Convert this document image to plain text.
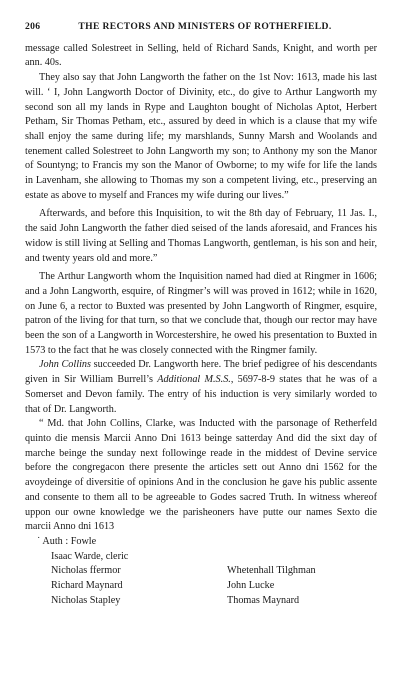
206	THE RECTORS AND MINISTERS OF ROTHERFIELD.

message called Solestreet in Selling, held of Richard Sands, Knight, and worth per ann. 40s.

They also say that John Langworth the father on the 1st Nov: 1613, made his last will. ‘ I, John Langworth Doctor of Divinity, etc., do give to Arthur Langworth my second son all my lands in Rype and Laughton bought of Nicholas Aptot, Herbert Petham, Sir Thomas Petham, etc., assured by deed in which is a clause that my wife shall enjoy the same during life; my marshlands, Sunny Marsh and Woolands and tenement called Solestreet to John Langworth my son; to Anthony my son the Manor of Sountyng; to Francis my son the Manor of Owborne; to my wife for life the lands in Lavenham, she allowing to Thomas my son a competent living, etc., preserving an estate as above to myself and Frances my wife during our lives.”

Afterwards, and before this Inquisition, to wit the 8th day of February, 11 Jas. I., the said John Langworth the father died seised of the lands aforesaid, and Frances his widow is still living at Selling and Thomas Langworth, gentleman, is his son and heir, and twenty years old and more.”

The Arthur Langworth whom the Inquisition named had died at Ringmer in 1606; and a John Langworth, esquire, of Ringmer’s will was proved in 1612; while in 1620, on June 6, a rector to Buxted was presented by John Langworth of Ringmer, esquire, patron of the living for that turn, so that we conclude that, though our rector may have been the son of a Langworth in Worcestershire, he owed his presentation to Buxted in 1573 to the fact that he was closely connected with the Ringmer family.

John Collins succeeded Dr. Langworth here. The brief pedigree of his descendants given in Sir William Burrell’s Additional M.S.S., 5697-8-9 states that he was of a Somerset and Devon family. The entry of his induction is very similarly worded to that of Dr. Langworth.

“ Md. that John Collins, Clarke, was Inducted with the parsonage of Retherfeld quinto die mensis Marcii Anno Dni 1613 beinge satterday And did the sixt day of marche beinge the sunday next followinge reade in the middest of Devine service before the congregacon there presente the articles sett out Anno dni 1562 for the avoydeinge of diversitie of opinions And in the conclusion he gave his public assente and consente to them all to be agreeable to Godes sacred Truth. In witness whereof uppon our owne knowledge we the parisheoners have putte our names Sexto die marcii Anno dni 1613

˙ Auth : Fowle
Isaac Warde, cleric
Nicholas ffermor
Richard Maynard
Nicholas Stapley
Whetenhall Tilghman
John Lucke
Thomas Maynard
